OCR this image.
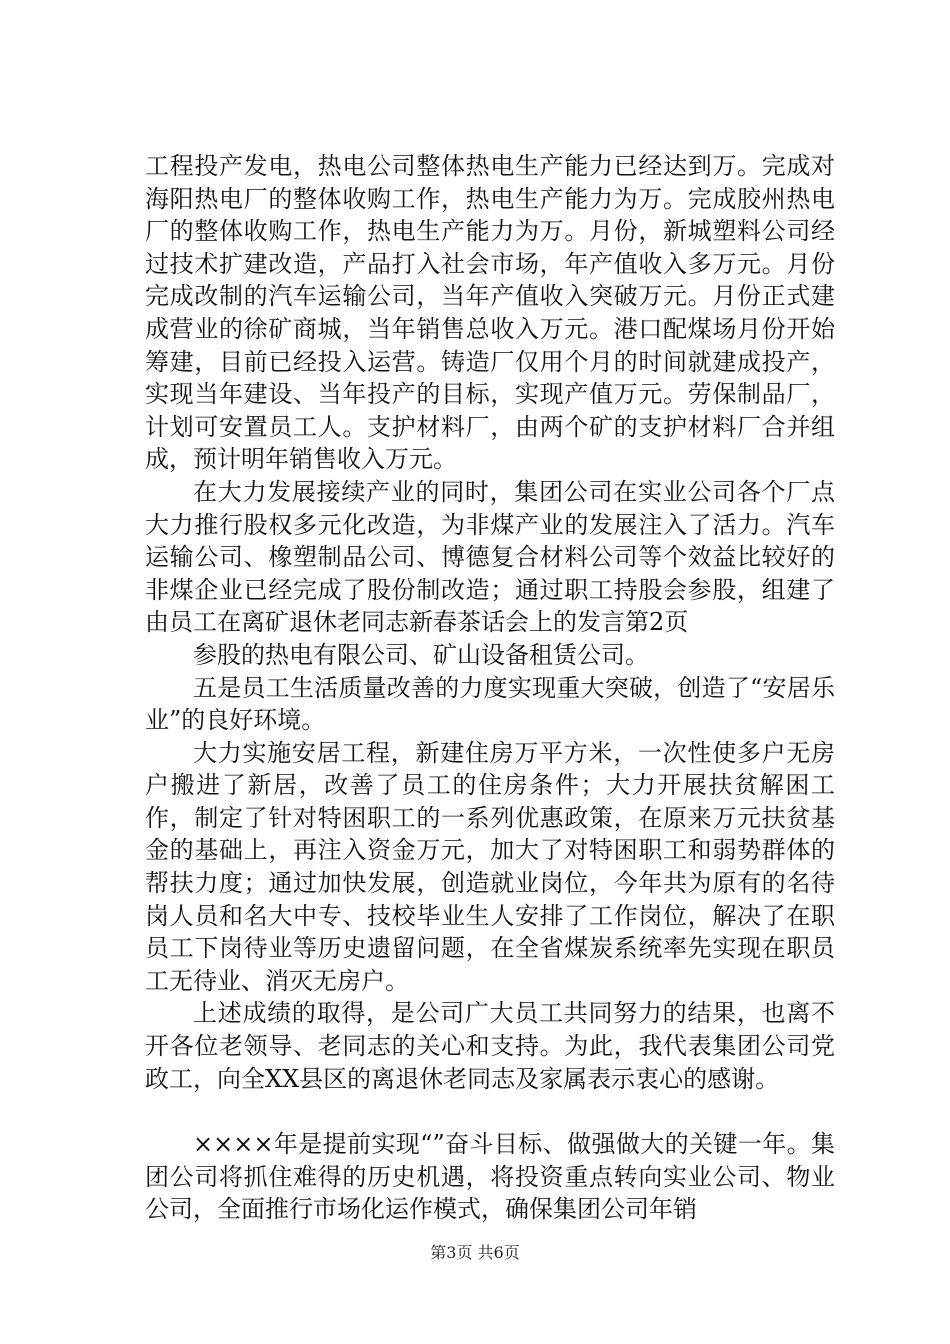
工程投产发电，热电公司整体热电生产能力已经达到万。完成对海阳热电厂的整体收购工作，热电生产能力为万。完成胶州热电厂的整体收购工作，热电生产能力为万。月份，新城塑料公司经过技术扩建改造，产品打入社会市场，年产值收入多万元。月份完成改制的汽车运输公司，当年产值收入突破万元。月份正式建成营业的徐矿商城，当年销售总收入万元。港口配煤场月份开始筹建，目前已经投入运营。铸造厂仅用个月的时间就建成投产，实现当年建设、当年投产的目标，实现产值万元。劳保制品厂，计划可安置员工人。支护材料厂，由两个矿的支护材料厂合并组成，预计明年销售收入万元。

在大力发展接续产业的同时，集团公司在实业公司各个厂点大力推行股权多元化改造，为非煤产业的发展注入了活力。汽车运输公司、橡塑制品公司、博德复合材料公司等个效益比较好的非煤企业已经完成了股份制改造；通过职工持股会参股，组建了由员工在离矿退休老同志新春茶话会上的发言第2页

参股的热电有限公司、矿山设备租赁公司。

五是员工生活质量改善的力度实现重大突破，创造了“安居乐业”的良好环境。

大力实施安居工程，新建住房万平方米，一次性使多户无房户搬进了新居，改善了员工的住房条件；大力开展扶贫解困工作，制定了针对特困职工的一系列优惠政策，在原来万元扶贫基金的基础上，再注入资金万元，加大了对特困职工和弱势群体的帮扶力度；通过加快发展，创造就业岗位，今年共为原有的名待岗人员和名大中专、技校毕业生人安排了工作岗位，解决了在职员工下岗待业等历史遗留问题，在全省煤炭系统率先实现在职员工无待业、消灭无房户。

上述成绩的取得，是公司广大员工共同努力的结果，也离不开各位老领导、老同志的关心和支持。为此，我代表集团公司党政工，向全XX县区的离退休老同志及家属表示衷心的感谢。

××××年是提前实现“”奋斗目标、做强做大的关键一年。集团公司将抓住难得的历史机遇，将投资重点转向实业公司、物业公司，全面推行市场化运作模式，确保集团公司年销

第3页 共6页
